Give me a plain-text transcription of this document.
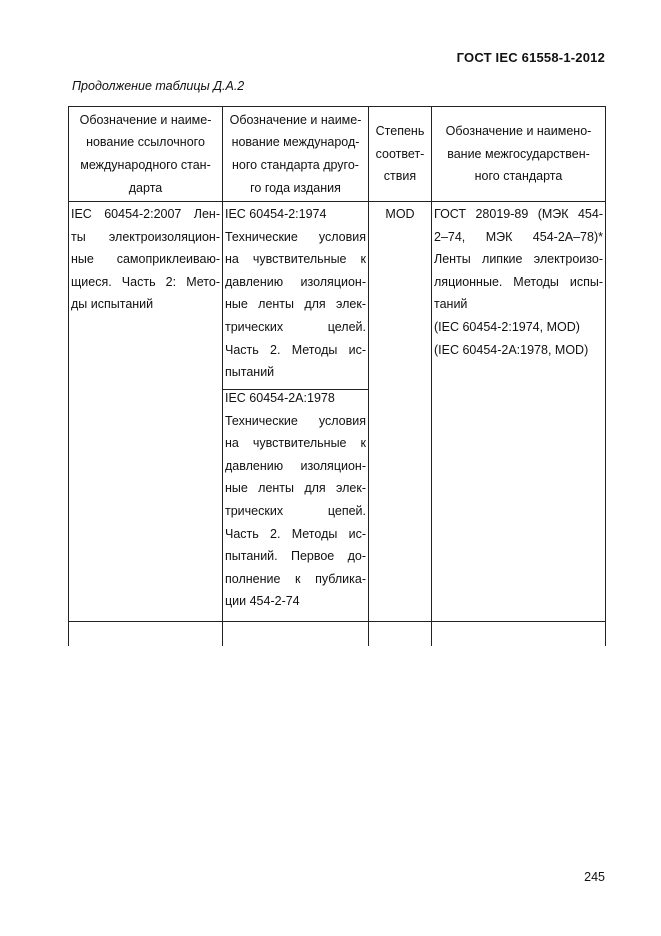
ГОСТ IEC 61558-1-2012
Продолжение таблицы Д.А.2
Обозначение и наиме-
нование ссылочного
международного стан-
дарта
Обозначение и наиме-
нование международ-
ного стандарта друго-
го года издания
Степень
соответ-
ствия
Обозначение и наимено-
вание межгосударствен-
ного стандарта
IEC 60454-2:2007 Лен-
ты электроизоляцион-
ные самоприклеиваю-
щиеся. Часть 2: Мето-
ды испытаний
IEC 60454-2:1974
Технические условия
на чувствительные к
давлению изоляцион-
ные ленты для элек-
трических целей.
Часть 2. Методы ис-
пытаний
IEC 60454-2A:1978
Технические условия
на чувствительные к
давлению изоляцион-
ные ленты для элек-
трических цепей.
Часть 2. Методы ис-
пытаний. Первое до-
полнение к публика-
ции 454-2-74
MOD	ГОСТ 28019-89 (МЭК 454-
2–74, МЭК 454-2А–78)*
Ленты липкие электроизо-
ляционные. Методы испы-
таний
(IEC 60454-2:1974, MOD)
(IEC 60454-2A:1978, MOD)
245
